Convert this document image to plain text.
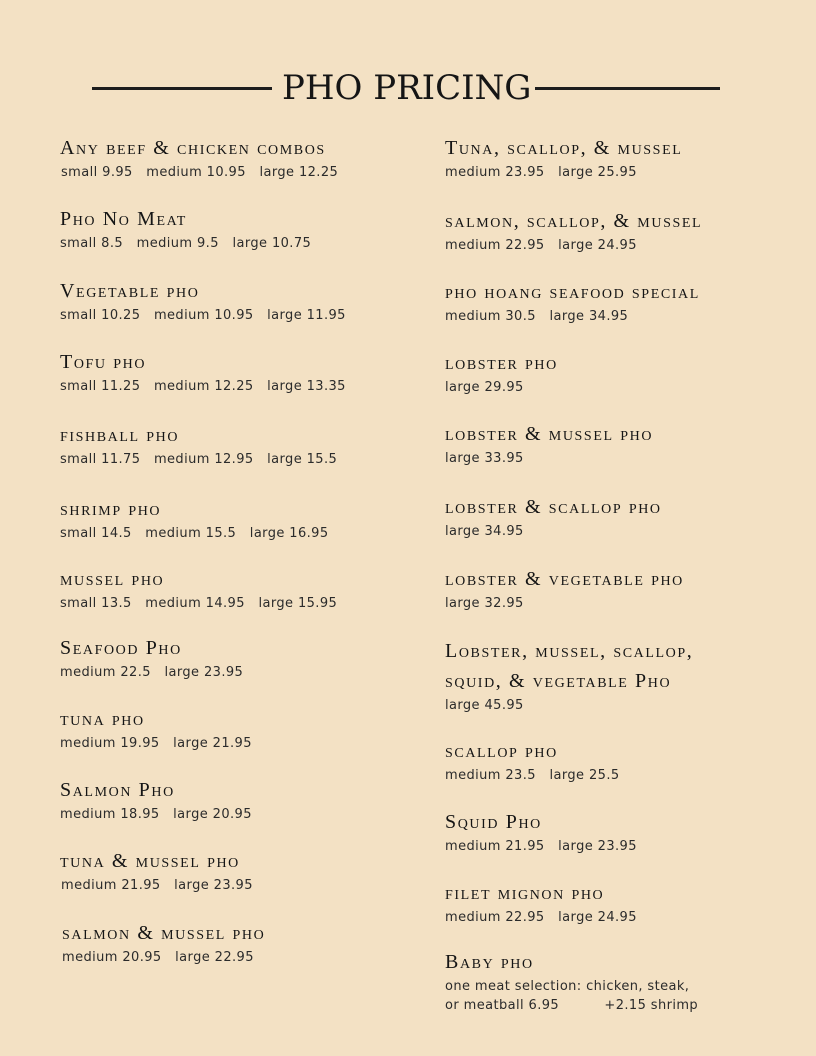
PHO PRICING
Any beef & chicken combos
small 9.95   medium 10.95   large 12.25
Pho No Meat
small 8.5   medium 9.5   large 10.75
Vegetable pho
small 10.25   medium 10.95   large 11.95
Tofu pho
small 11.25   medium 12.25   large 13.35
fishball pho
small 11.75   medium 12.95   large 15.5
shrimp pho
small 14.5   medium 15.5   large 16.95
mussel pho
small 13.5   medium 14.95   large 15.95
Seafood Pho
medium 22.5   large 23.95
tuna pho
medium 19.95   large 21.95
Salmon Pho
medium 18.95   large 20.95
tuna & mussel pho
medium 21.95   large 23.95
salmon & mussel pho
medium 20.95   large 22.95
Tuna, scallop, & mussel
medium 23.95   large 25.95
salmon, scallop, & mussel
medium 22.95   large 24.95
pho hoang seafood special
medium 30.5   large 34.95
lobster pho
large 29.95
lobster & mussel pho
large 33.95
lobster & scallop pho
large 34.95
lobster & vegetable pho
large 32.95
Lobster, mussel, scallop,
squid, & vegetable Pho
large 45.95
scallop pho
medium 23.5   large 25.5
Squid Pho
medium 21.95   large 23.95
filet mignon pho
medium 22.95   large 24.95
Baby pho
one meat selection: chicken, steak,
or meatball 6.95          +2.15 shrimp
